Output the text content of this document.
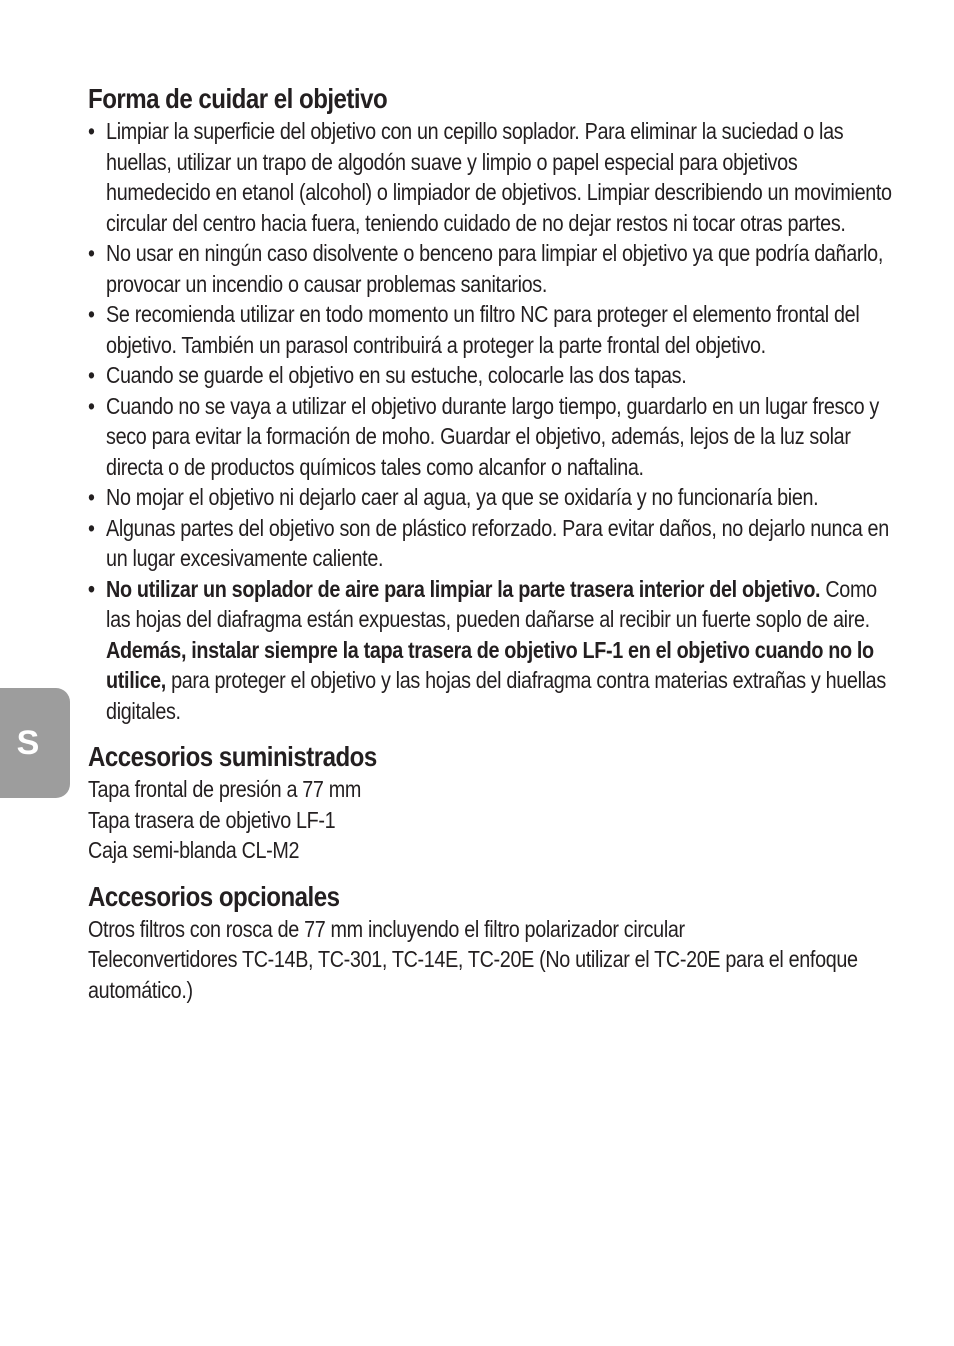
S
Forma de cuidar el objetivo
• Limpiar la superficie del objetivo con un cepillo soplador. Para eliminar la suciedad o las huellas, utilizar un trapo de algodón suave y limpio o papel especial para objetivos humedecido en etanol (alcohol) o limpiador de objetivos. Limpiar describiendo un movimiento circular del centro hacia fuera, teniendo cuidado de no dejar restos ni tocar otras partes.
• No usar en ningún caso disolvente o benceno para limpiar el objetivo ya que podría dañarlo, provocar un incendio o causar problemas sanitarios.
• Se recomienda utilizar en todo momento un filtro NC para proteger el elemento frontal del objetivo. También un parasol contribuirá a proteger la parte frontal del objetivo.
• Cuando se guarde el objetivo en su estuche, colocarle las dos tapas.
• Cuando no se vaya a utilizar el objetivo durante largo tiempo, guardarlo en un lugar fresco y seco para evitar la formación de moho. Guardar el objetivo, además, lejos de la luz solar directa o de productos químicos tales como alcanfor o naftalina.
• No mojar el objetivo ni dejarlo caer al agua, ya que se oxidaría y no funcionaría bien.
• Algunas partes del objetivo son de plástico reforzado. Para evitar daños, no dejarlo nunca en un lugar excesivamente caliente.
• No utilizar un soplador de aire para limpiar la parte trasera interior del objetivo. Como las hojas del diafragma están expuestas, pueden dañarse al recibir un fuerte soplo de aire. Además, instalar siempre la tapa trasera de objetivo LF-1 en el objetivo cuando no lo utilice, para proteger el objetivo y las hojas del diafragma contra materias extrañas y huellas digitales.
Accesorios suministrados
Tapa frontal de presión a 77 mm
Tapa trasera de objetivo LF-1
Caja semi-blanda CL-M2
Accesorios opcionales
Otros filtros con rosca de 77 mm incluyendo el filtro polarizador circular
Teleconvertidores TC-14B, TC-301, TC-14E, TC-20E (No utilizar el TC-20E para el enfoque automático.)
